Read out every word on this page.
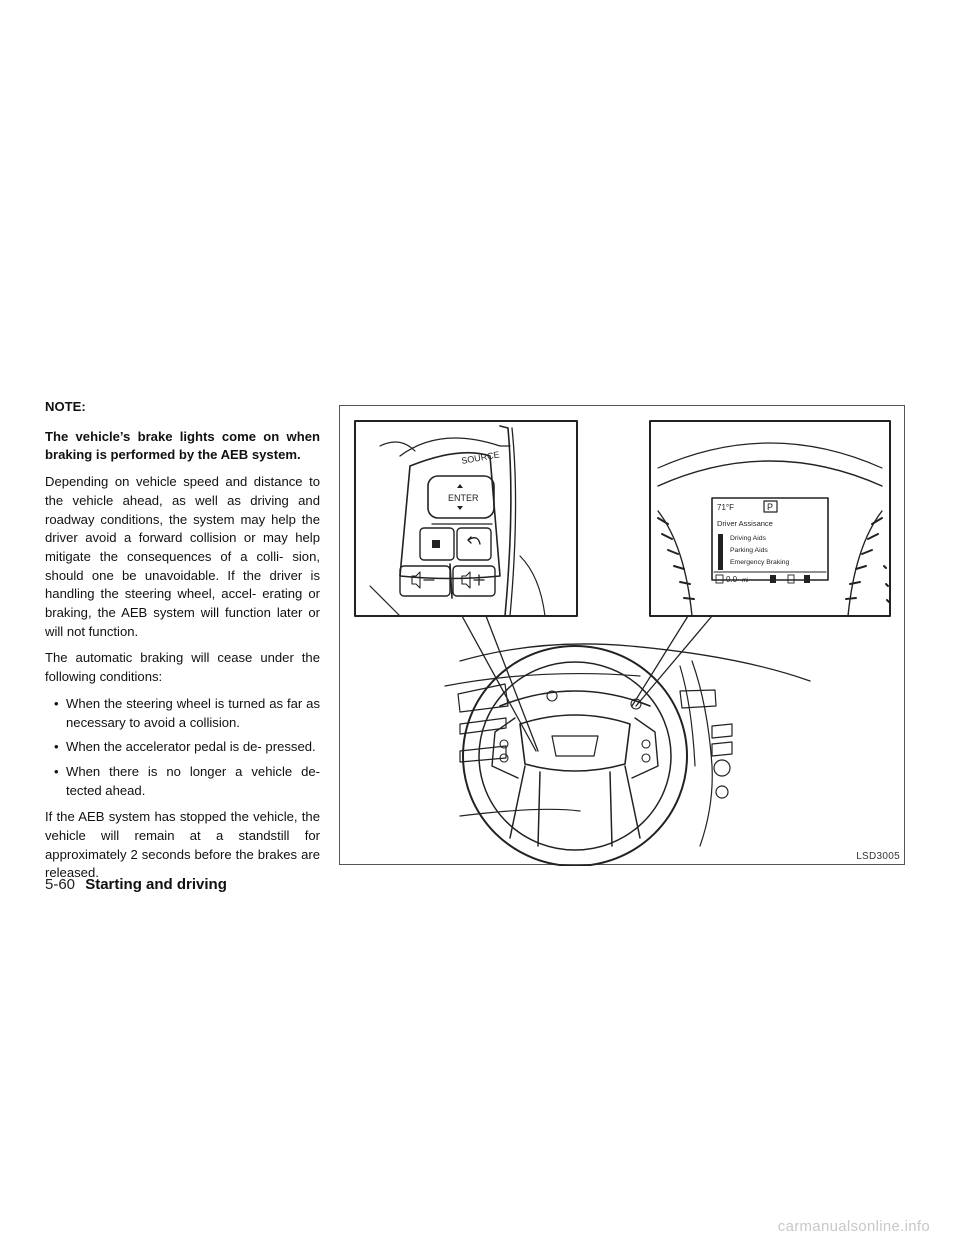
NOTE:

The vehicle’s brake lights come on when braking is performed by the AEB system.

Depending on vehicle speed and distance to the vehicle ahead, as well as driving and roadway conditions, the system may help the driver avoid a forward collision or may help mitigate the consequences of a colli- sion, should one be unavoidable. If the driver is handling the steering wheel, accel- erating or braking, the AEB system will function later or will not function.

The automatic braking will cease under the following conditions:

• When the steering wheel is turned as far as necessary to avoid a collision.
• When the accelerator pedal is de- pressed.
• When there is no longer a vehicle de- tected ahead.

If the AEB system has stopped the vehicle, the vehicle will remain at a standstill for approximately 2 seconds before the brakes are released.

SOURCE
ENTER
71°F	P
Driver Assisance
Driving Aids
Parking Aids
Emergency Braking
0.0 mi
LSD3005
5-60 Starting and driving
carmanualsonline.info
